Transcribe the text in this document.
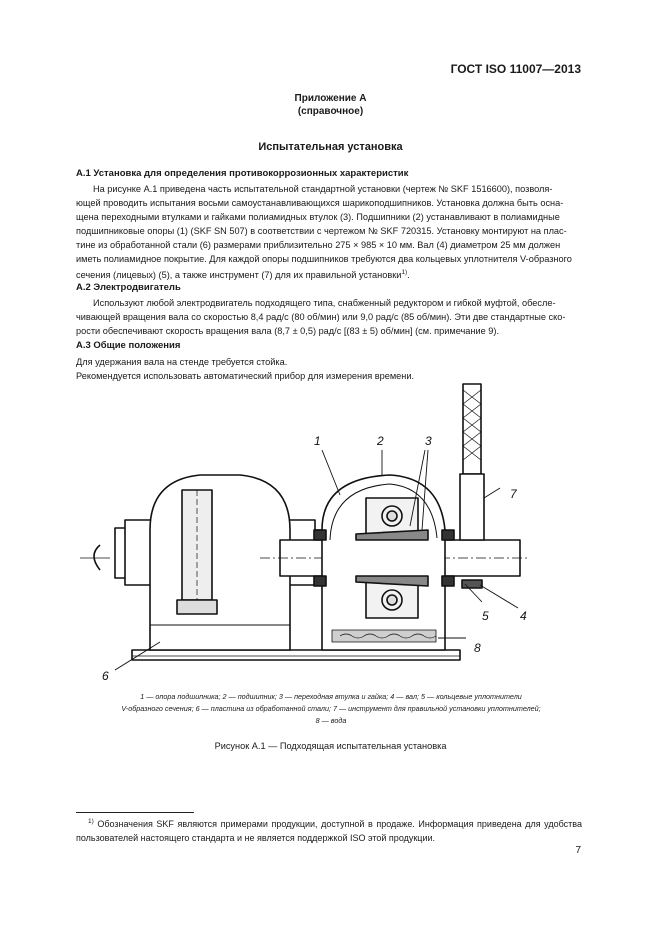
ГОСТ ISO 11007—2013
Приложение А
(справочное)
Испытательная установка
А.1 Установка для определения противокоррозионных характеристик
На рисунке А.1 приведена часть испытательной стандартной установки (чертеж № SKF 1516600), позволя-
ющей проводить испытания восьми самоустанавливающихся шарикоподшипников. Установка должна быть осна-
щена переходными втулками и гайками полиамидных втулок (3). Подшипники (2) устанавливают в полиамидные
подшипниковые опоры (1) (SKF SN 507) в соответствии с чертежом № SKF 720315. Установку монтируют на плас-
тине из обработанной стали (6) размерами приблизительно 275 × 985 × 10 мм. Вал (4) диаметром 25 мм должен
иметь полиамидное покрытие. Для каждой опоры подшипников требуются два кольцевых уплотнителя V-образного
сечения (лицевых) (5), а также инструмент (7) для их правильной установки$^{1)}$.
А.2 Электродвигатель
Используют любой электродвигатель подходящего типа, снабженный редуктором и гибкой муфтой, обесле-
чивающей вращения вала со скоростью 8,4 рад/с (80 об/мин) или 9,0 рад/с (85 об/мин). Эти две стандартные ско-
рости обеспечивают скорость вращения вала (8,7 ± 0,5) рад/с [(83 ± 5) об/мин] (см. примечание 9).
А.3 Общие положения
Для удержания вала на стенде требуется стойка.
Рекомендуется использовать автоматический прибор для измерения времени.
1	2	3
4
5
6
7
8
1 — опора подшипника; 2 — подшипник; 3 — переходная втулка и гайка; 4 — вал; 5 — кольцевые уплотнители
V-образного сечения; 6 — пластина из обработанной стали; 7 — инструмент для правильной установки уплотнителей;
8 — вода
Рисунок А.1 — Подходящая испытательная установка
$^{1)}$ Обозначения SKF являются примерами продукции, доступной в продаже. Информация приведена для удобства пользователей настоящего стандарта и не является поддержкой ISO этой продукции.
7
